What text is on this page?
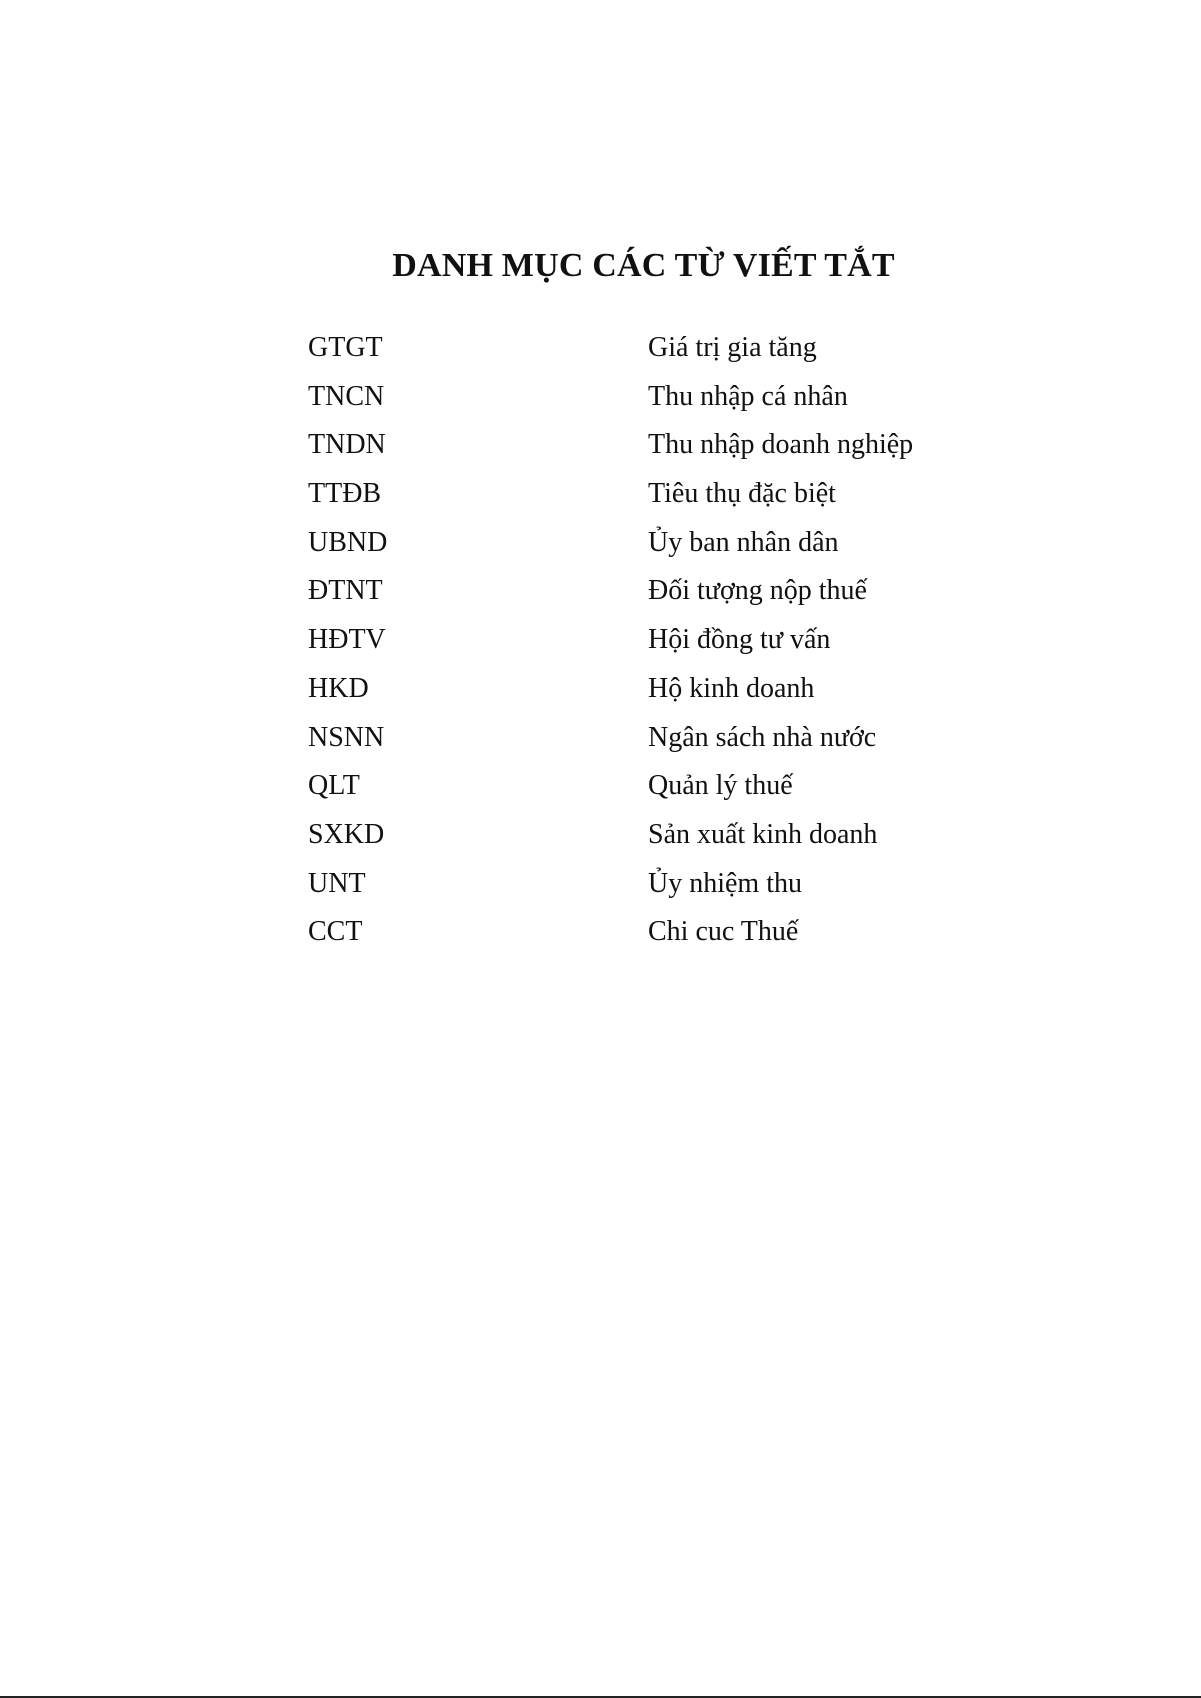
DANH MỤC CÁC TỪ VIẾT TẮT
GTGT	Giá trị gia tăng
TNCN	Thu nhập cá nhân
TNDN	Thu nhập doanh nghiệp
TTĐB	Tiêu thụ đặc biệt
UBND	Ủy ban nhân dân
ĐTNT	Đối tượng nộp thuế
HĐTV	Hội đồng tư vấn
HKD	Hộ kinh doanh
NSNN	Ngân sách nhà nước
QLT	Quản lý thuế
SXKD	Sản xuất kinh doanh
UNT	Ủy nhiệm thu
CCT	Chi cuc Thuế
